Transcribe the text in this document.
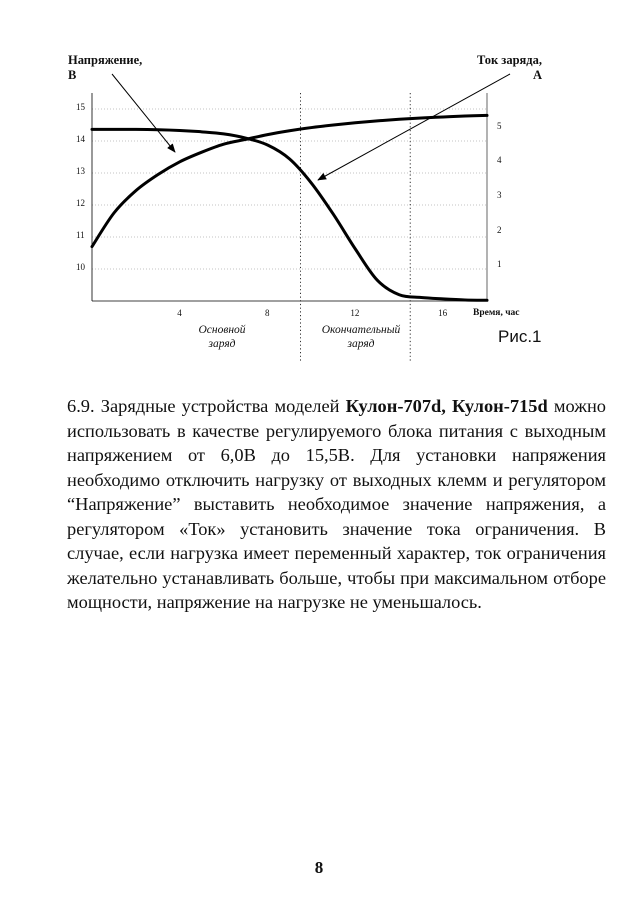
Напряжение,
В
Ток заряда,
А
10
11
12
13
14
15
1
2
3
4
5
4	8	12	16	Время, час
Основной
заряд
Окончательный
заряд	Рис.1

6.9. Зарядные устройства моделей Кулон-707d, Кулон-715d можно использовать в качестве регулируемого блока питания с выходным напряжением от 6,0В до 15,5В. Для установки напряжения необходимо отключить нагрузку от выходных клемм и регулятором “Напряжение” выставить необходимое значение напряжения, а регулятором «Ток» установить значение тока ограничения. В случае, если нагрузка имеет переменный характер, ток ограничения желательно устанавливать больше, чтобы при максимальном отборе мощности, напряжение на нагрузке не уменьшалось.

8
